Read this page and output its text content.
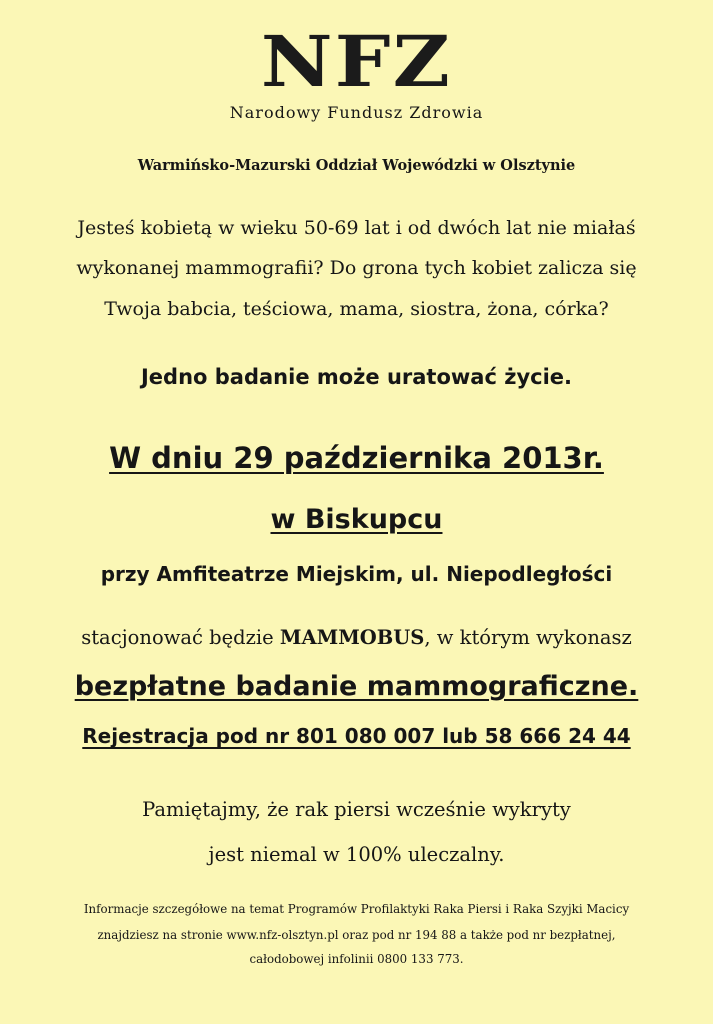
NFZ
Narodowy Fundusz Zdrowia
Warmińsko-Mazurski Oddział Wojewódzki w Olsztynie
Jesteś kobietą w wieku 50-69 lat i od dwóch lat nie miałaś
wykonanej mammografii? Do grona tych kobiet zalicza się
Twoja babcia, teściowa, mama, siostra, żona, córka?
Jedno badanie może uratować życie.
W dniu 29 października 2013r.
w Biskupcu
przy Amfiteatrze Miejskim, ul. Niepodległości
stacjonować będzie MAMMOBUS, w którym wykonasz
bezpłatne badanie mammograficzne.
Rejestracja pod nr 801 080 007 lub 58 666 24 44
Pamiętajmy, że rak piersi wcześnie wykryty
jest niemal w 100% uleczalny.
Informacje szczegółowe na temat Programów Profilaktyki Raka Piersi i Raka Szyjki Macicy
znajdziesz na stronie www.nfz-olsztyn.pl oraz pod nr 194 88 a także pod nr bezpłatnej,
całodobowej infolinii 0800 133 773.
